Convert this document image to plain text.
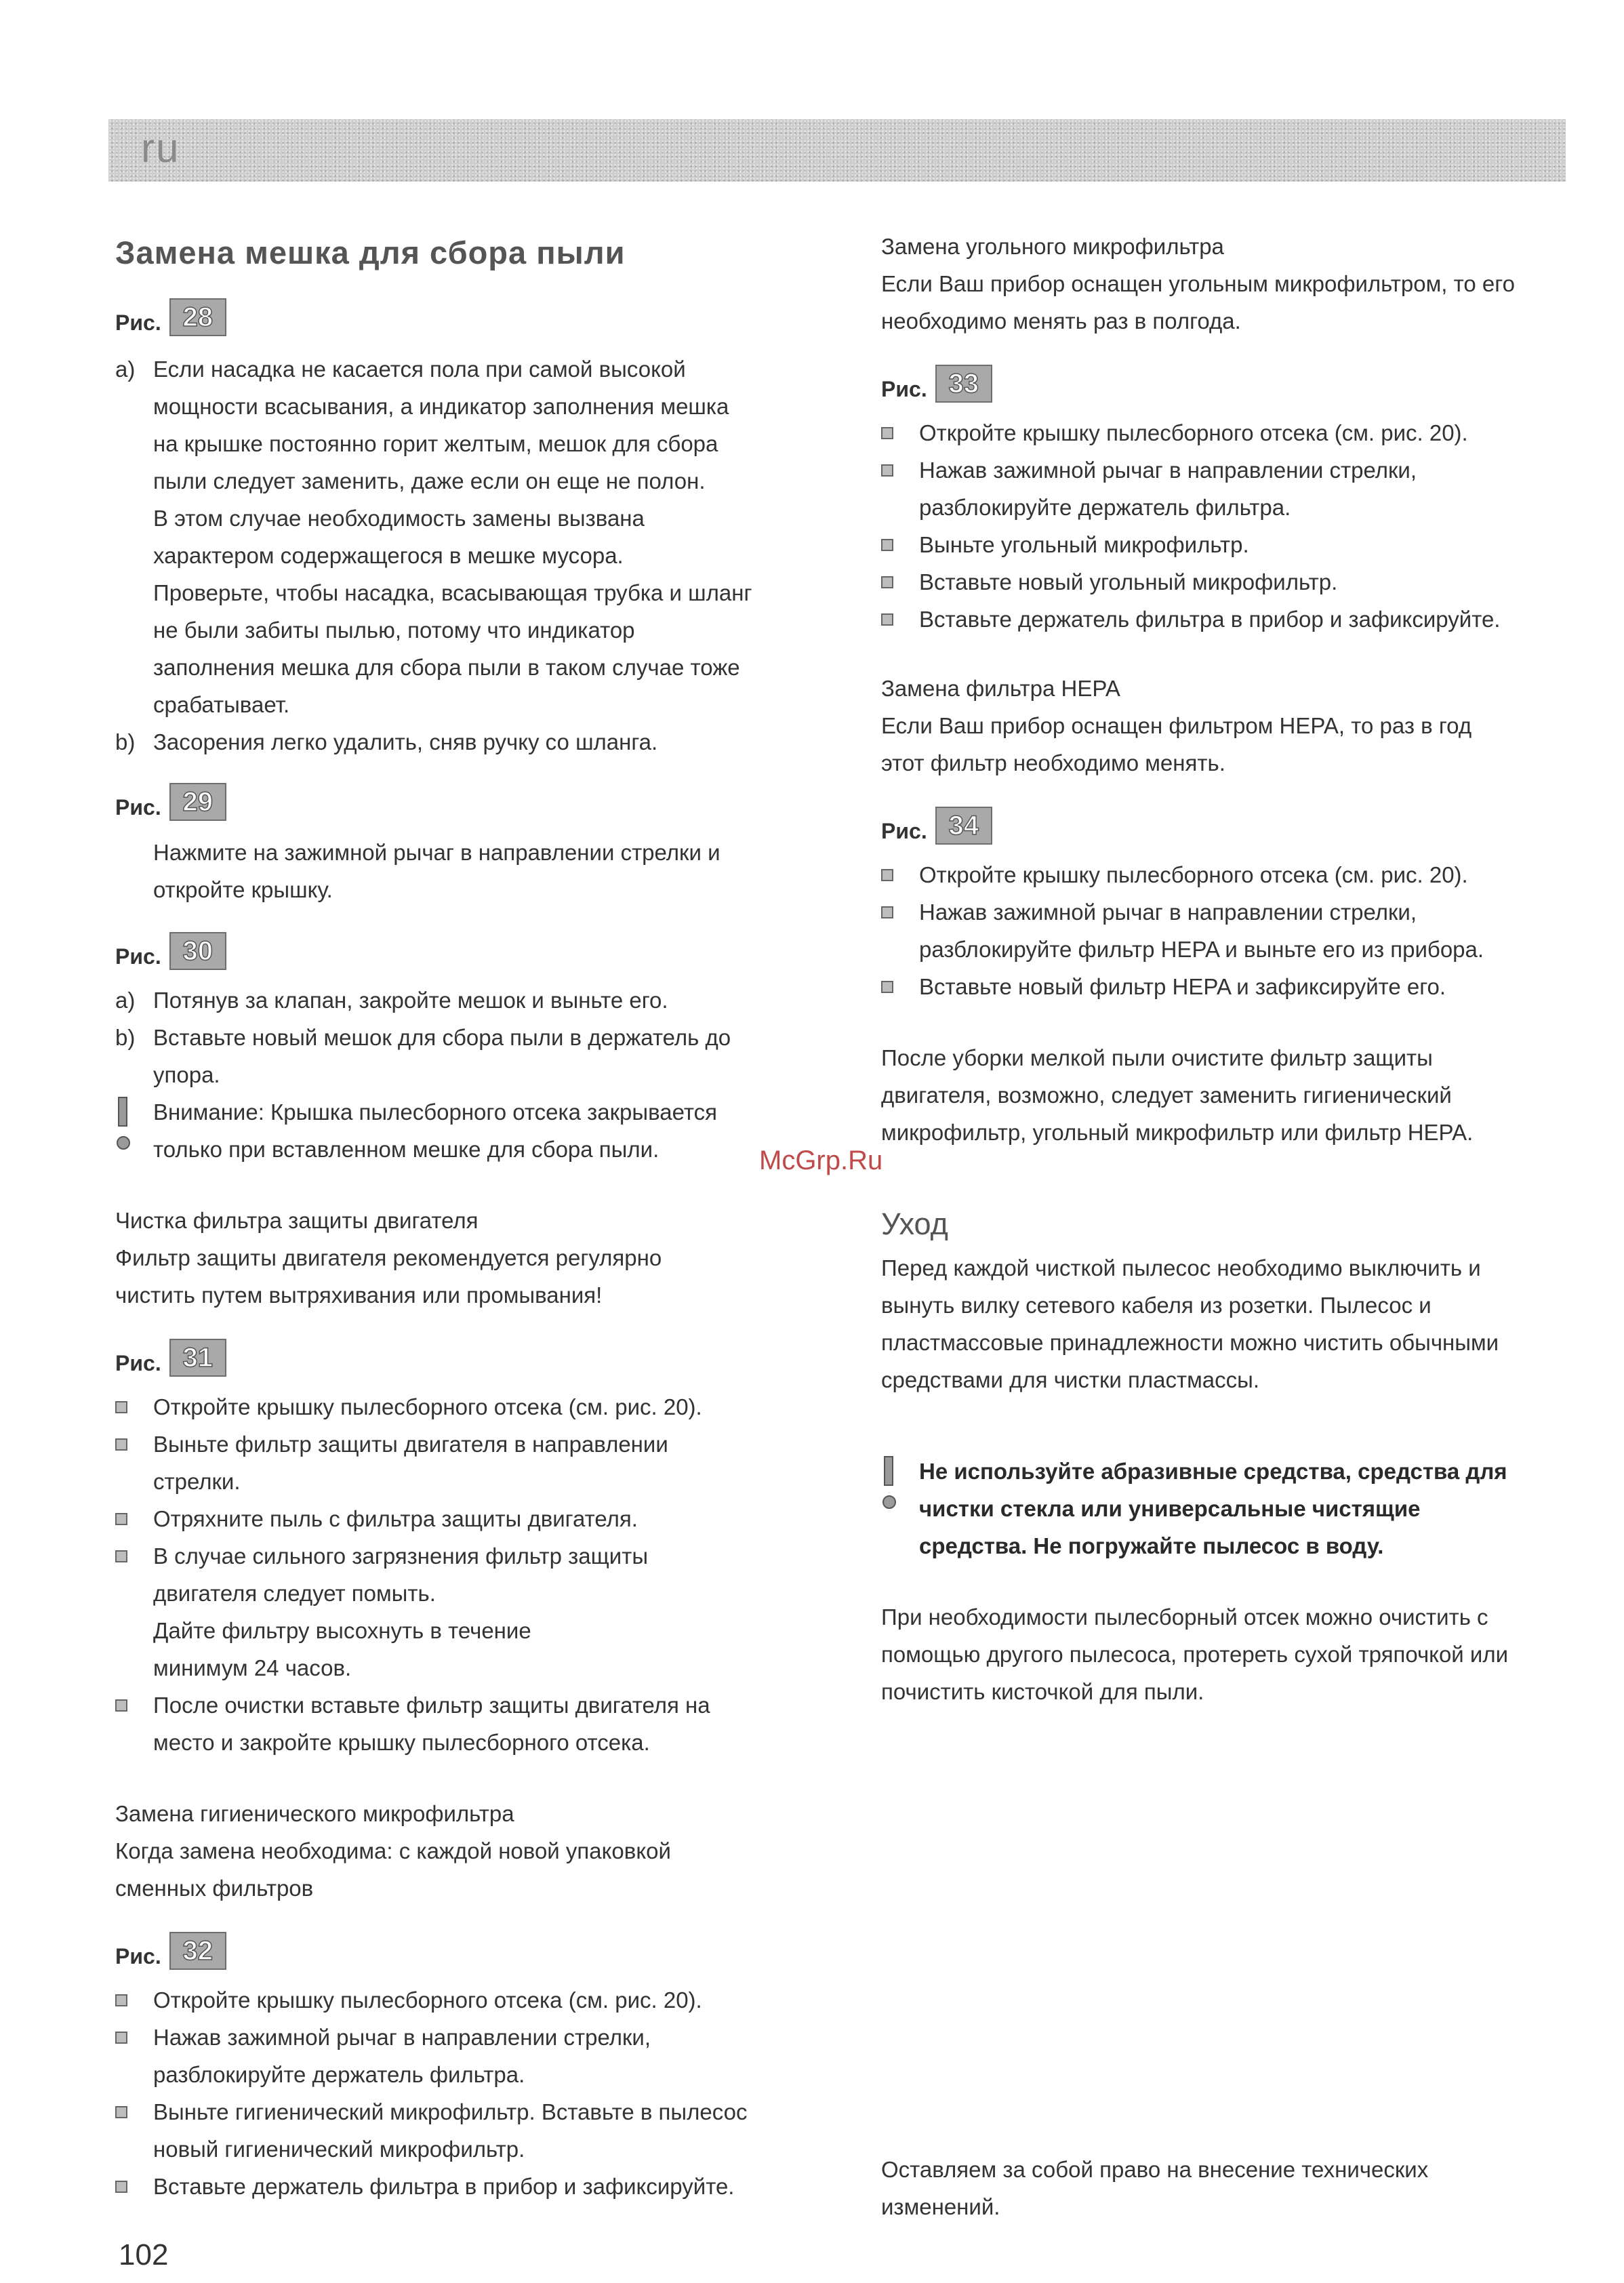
ru
Замена мешка для сбора пыли
Рис. 28
a) Если насадка не касается пола при самой высокой
мощности всасывания, а индикатор заполнения мешка
на крышке постоянно горит желтым, мешок для сбора
пыли следует заменить, даже если он еще не полон.
В этом случае необходимость замены вызвана
характером содержащегося в мешке мусора.
Проверьте, чтобы насадка, всасывающая трубка и шланг
не были забиты пылью, потому что индикатор
заполнения мешка для сбора пыли в таком случае тоже
срабатывает.
b) Засорения легко удалить, сняв ручку со шланга.
Рис. 29
Нажмите на зажимной рычаг в направлении стрелки и
откройте крышку.
Рис. 30
a) Потянув за клапан, закройте мешок и выньте его.
b) Вставьте новый мешок для сбора пыли в держатель до
упора.
Внимание: Крышка пылесборного отсека закрывается
только при вставленном мешке для сбора пыли.
Чистка фильтра защиты двигателя
Фильтр защиты двигателя рекомендуется регулярно
чистить путем вытряхивания или промывания!
Рис. 31
Откройте крышку пылесборного отсека (см. рис. 20).
Выньте фильтр защиты двигателя в направлении
стрелки.
Отряхните пыль с фильтра защиты двигателя.
В случае сильного загрязнения фильтр защиты
двигателя следует помыть.
Дайте фильтру высохнуть в течение
минимум 24 часов.
После очистки вставьте фильтр защиты двигателя на
место и закройте крышку пылесборного отсека.
Замена гигиенического микрофильтра
Когда замена необходима: с каждой новой упаковкой
сменных фильтров
Рис. 32
Откройте крышку пылесборного отсека (см. рис. 20).
Нажав зажимной рычаг в направлении стрелки,
разблокируйте держатель фильтра.
Выньте гигиенический микрофильтр. Вставьте в пылесос
новый гигиенический микрофильтр.
Вставьте держатель фильтра в прибор и зафиксируйте.
Замена угольного микрофильтра
Если Ваш прибор оснащен угольным микрофильтром, то его
необходимо менять раз в полгода.
Рис. 33
Откройте крышку пылесборного отсека (см. рис. 20).
Нажав зажимной рычаг в направлении стрелки,
разблокируйте держатель фильтра.
Выньте угольный микрофильтр.
Вставьте новый угольный микрофильтр.
Вставьте держатель фильтра в прибор и зафиксируйте.
Замена фильтра HEPA
Если Ваш прибор оснащен фильтром HEPA, то раз в год
этот фильтр необходимо менять.
Рис. 34
Откройте крышку пылесборного отсека (см. рис. 20).
Нажав зажимной рычаг в направлении стрелки,
разблокируйте фильтр HEPA и выньте его из прибора.
Вставьте новый фильтр HEPA и зафиксируйте его.
После уборки мелкой пыли очистите фильтр защиты
двигателя, возможно, следует заменить гигиенический
микрофильтр, угольный микрофильтр или фильтр HEPA.
Уход
Перед каждой чисткой пылесос необходимо выключить и
вынуть вилку сетевого кабеля из розетки. Пылесос и
пластмассовые принадлежности можно чистить обычными
средствами для чистки пластмассы.
Не используйте абразивные средства, средства для
чистки стекла или универсальные чистящие
средства. Не погружайте пылесос в воду.
При необходимости пылесборный отсек можно очистить с
помощью другого пылесоса, протереть сухой тряпочкой или
почистить кисточкой для пыли.
Оставляем за собой право на внесение технических
изменений.
McGrp.Ru
102
